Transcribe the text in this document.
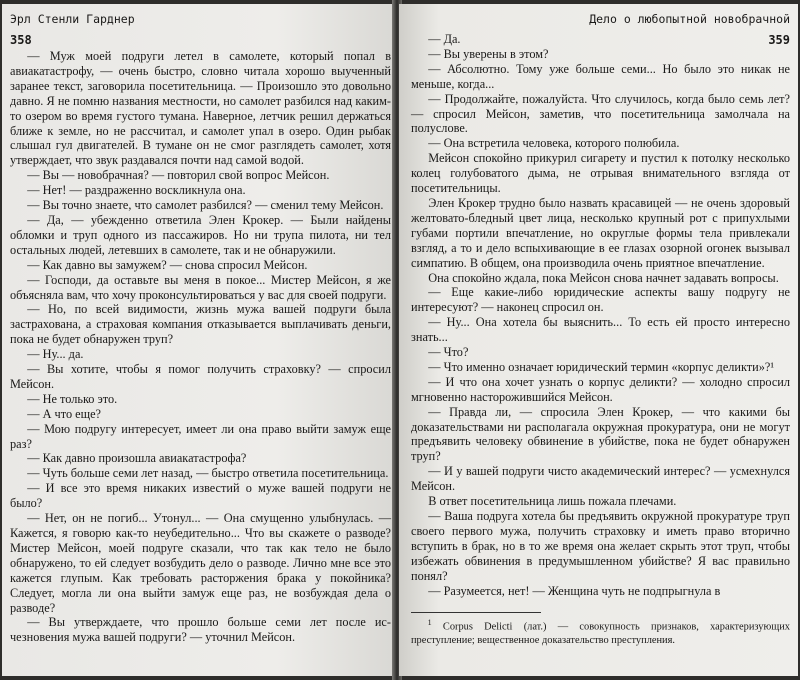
Эрл Стенли Гарднер
358

— Муж моей подруги летел в самолете, который попал в авиакатастрофу, — очень быстро, словно читала хорошо выученный заранее текст, заговорила посетительница. — Произошло это довольно давно. Я не помню названия местности, но самолет разбился над каким-то озером во время густого тумана. Наверное, летчик решил держаться ближе к земле, но не рассчитал, и самолет упал в озеро. Один рыбак слышал гул двигателей. В тумане он не смог разглядеть самолет, хотя утверждает, что звук раздавался почти над самой водой.

— Вы — новобрачная? — повторил свой вопрос Мейсон.

— Нет! — раздраженно воскликнула она.

— Вы точно знаете, что самолет разбился? — сменил тему Мейсон.

— Да, — убежденно ответила Элен Крокер. — Были найдены обломки и труп одного из пассажиров. Но ни трупа пилота, ни тел остальных людей, летевших в самолете, так и не обнаружили.

— Как давно вы замужем? — снова спросил Мейсон.

— Господи, да оставьте вы меня в покое... Мистер Мейсон, я же объясняла вам, что хочу проконсультироваться у вас для своей подруги.

— Но, по всей видимости, жизнь мужа вашей подруги была застрахована, а страховая компания отказывается выплачивать деньги, пока не будет обнаружен труп?

— Ну... да.

— Вы хотите, чтобы я помог получить страховку? — спросил Мейсон.

— Не только это.

— А что еще?

— Мою подругу интересует, имеет ли она право выйти замуж еще раз?

— Как давно произошла авиакатастрофа?

— Чуть больше семи лет назад, — быстро ответила посетительница.

— И все это время никаких известий о муже вашей подруги не было?

— Нет, он не погиб... Утонул... — Она смущенно улыбнулась. — Кажется, я говорю как-то неубедительно... Что вы скажете о разводе? Мистер Мейсон, моей подруге сказали, что так как тело не было обнаружено, то ей следует возбудить дело о разводе. Лично мне все это кажется глупым. Как требовать расторжения брака у покойника? Следует, могла ли она выйти замуж еще раз, не возбуждая дела о разводе?

— Вы утверждаете, что прошло больше семи лет после исчезновения мужа вашей подруги? — уточнил Мейсон.

Дело о любопытной новобрачной
359

— Да.

— Вы уверены в этом?

— Абсолютно. Тому уже больше семи... Но было это никак не меньше, когда...

— Продолжайте, пожалуйста. Что случилось, когда было семь лет? — спросил Мейсон, заметив, что посетительница замолчала на полуслове.

— Она встретила человека, которого полюбила.

Мейсон спокойно прикурил сигарету и пустил к потолку несколько колец голубоватого дыма, не отрывая внимательного взгляда от посетительницы.

Элен Крокер трудно было назвать красавицей — не очень здоровый желтовато-бледный цвет лица, несколько крупный рот с припухлыми губами портили впечатление, но округлые формы тела привлекали взгляд, а то и дело вспыхивающие в ее глазах озорной огонек вызывал симпатию. В общем, она производила очень приятное впечатление.

Она спокойно ждала, пока Мейсон снова начнет задавать вопросы.

— Еще какие-либо юридические аспекты вашу подругу не интересуют? — наконец спросил он.

— Ну... Она хотела бы выяснить... То есть ей просто интересно знать...

— Что?

— Что именно означает юридический термин «корпус деликти»?¹

— И что она хочет узнать о корпус деликти? — холодно спросил мгновенно насторожившийся Мейсон.

— Правда ли, — спросила Элен Крокер, — что какими бы доказательствами ни располагала окружная прокуратура, они не могут предъявить человеку обвинение в убийстве, пока не будет обнаружен труп?

— И у вашей подруги чисто академический интерес? — усмехнулся Мейсон.

В ответ посетительница лишь пожала плечами.

— Ваша подруга хотела бы предъявить окружной прокуратуре труп своего первого мужа, получить страховку и иметь право вторично вступить в брак, но в то же время она желает скрыть этот труп, чтобы избежать обвинения в предумышленном убийстве? Я вас правильно понял?

— Разумеется, нет! — Женщина чуть не подпрыгнула в

$^1$ Corpus Delicti (лат.) — совокупность признаков, характеризующих преступление; вещественное доказательство преступления.
